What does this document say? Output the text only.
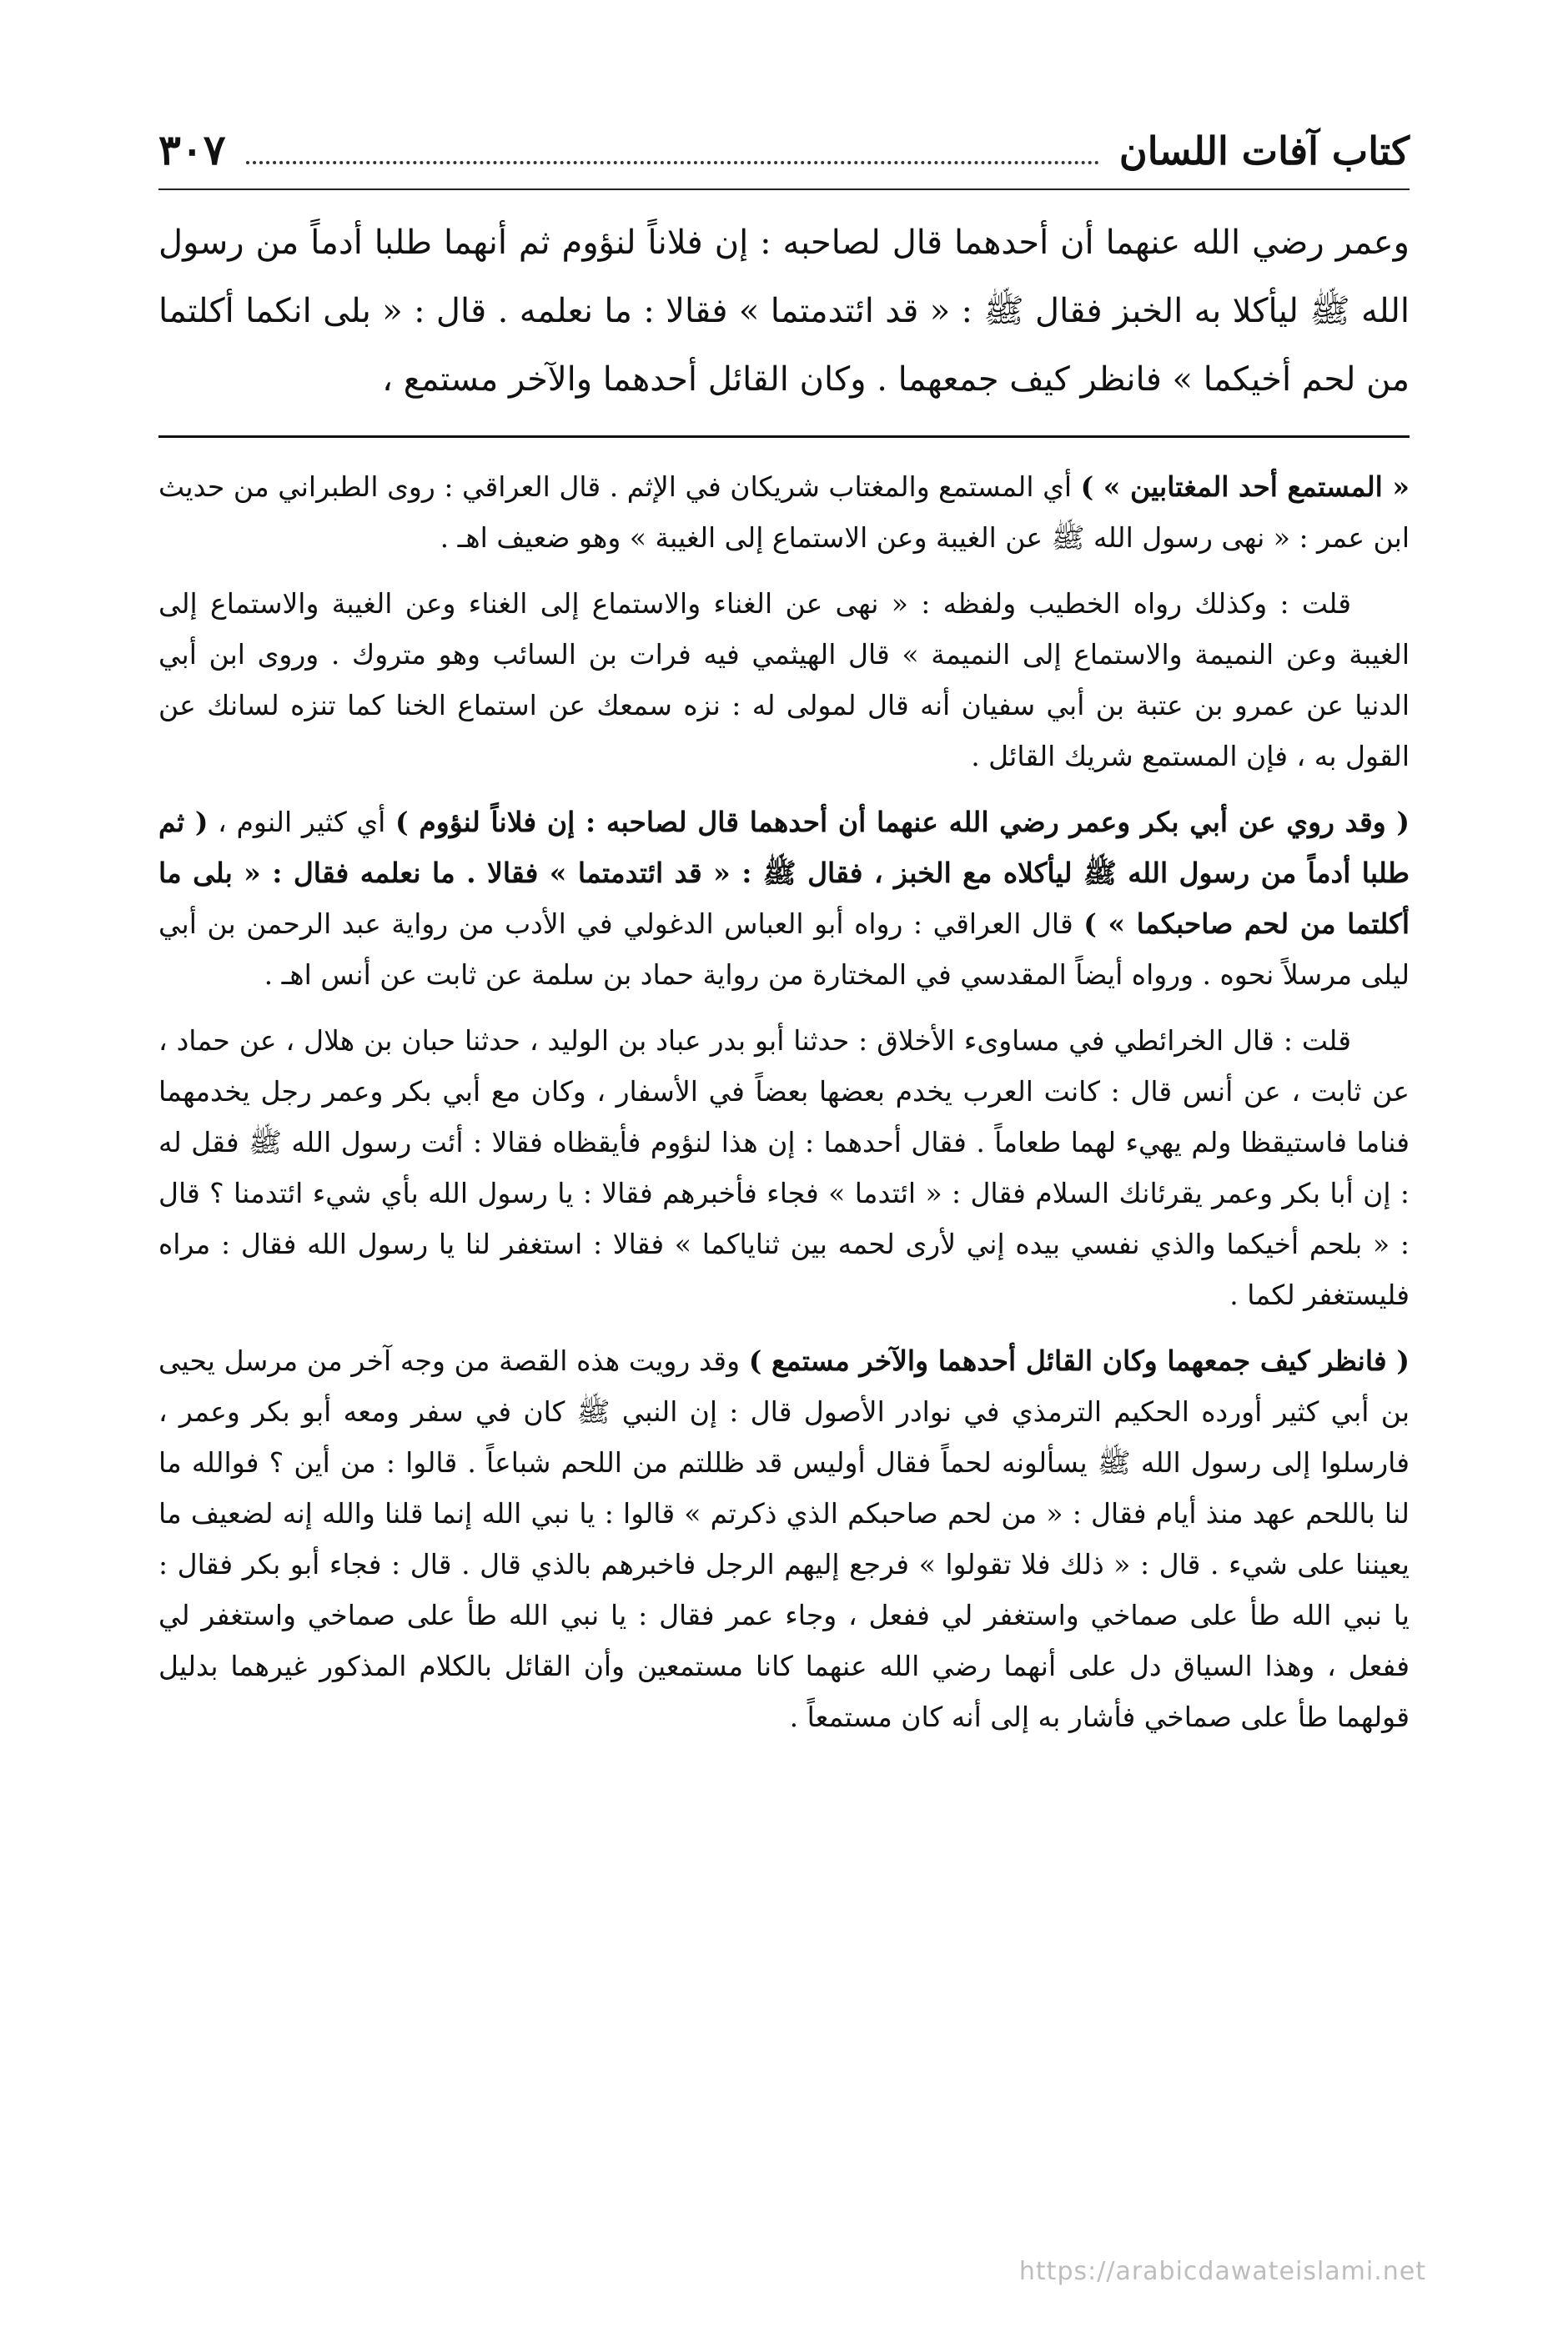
كتاب آفات اللسان
٣٠٧

وعمر رضي الله عنهما أن أحدهما قال لصاحبه : إن فلاناً لنؤوم ثم أنهما طلبا أدماً من رسول الله ﷺ ليأكلا به الخبز فقال ﷺ : « قد ائتدمتما » فقالا : ما نعلمه . قال : « بلى انكما أكلتما من لحم أخيكما » فانظر كيف جمعهما . وكان القائل أحدهما والآخر مستمع ،

« المستمع أحد المغتابين » ) أي المستمع والمغتاب شريكان في الإثم . قال العراقي : روى الطبراني من حديث ابن عمر : « نهى رسول الله ﷺ عن الغيبة وعن الاستماع إلى الغيبة » وهو ضعيف اهـ .

قلت : وكذلك رواه الخطيب ولفظه : « نهى عن الغناء والاستماع إلى الغناء وعن الغيبة والاستماع إلى الغيبة وعن النميمة والاستماع إلى النميمة » قال الهيثمي فيه فرات بن السائب وهو متروك . وروى ابن أبي الدنيا عن عمرو بن عتبة بن أبي سفيان أنه قال لمولى له : نزه سمعك عن استماع الخنا كما تنزه لسانك عن القول به ، فإن المستمع شريك القائل .

( وقد روي عن أبي بكر وعمر رضي الله عنهما أن أحدهما قال لصاحبه : إن فلاناً لنؤوم ) أي كثير النوم ، ( ثم طلبا أدماً من رسول الله ﷺ ليأكلاه مع الخبز ، فقال ﷺ : « قد ائتدمتما » فقالا . ما نعلمه فقال : « بلى ما أكلتما من لحم صاحبكما » ) قال العراقي : رواه أبو العباس الدغولي في الأدب من رواية عبد الرحمن بن أبي ليلى مرسلاً نحوه . ورواه أيضاً المقدسي في المختارة من رواية حماد بن سلمة عن ثابت عن أنس اهـ .

قلت : قال الخرائطي في مساوىء الأخلاق : حدثنا أبو بدر عباد بن الوليد ، حدثنا حبان بن هلال ، عن حماد ، عن ثابت ، عن أنس قال : كانت العرب يخدم بعضها بعضاً في الأسفار ، وكان مع أبي بكر وعمر رجل يخدمهما فناما فاستيقظا ولم يهيء لهما طعاماً . فقال أحدهما : إن هذا لنؤوم فأيقظاه فقالا : أئت رسول الله ﷺ فقل له : إن أبا بكر وعمر يقرئانك السلام فقال : « ائتدما » فجاء فأخبرهم فقالا : يا رسول الله بأي شيء ائتدمنا ؟ قال : « بلحم أخيكما والذي نفسي بيده إني لأرى لحمه بين ثناياكما » فقالا : استغفر لنا يا رسول الله فقال : مراه فليستغفر لكما .

( فانظر كيف جمعهما وكان القائل أحدهما والآخر مستمع ) وقد رويت هذه القصة من وجه آخر من مرسل يحيى بن أبي كثير أورده الحكيم الترمذي في نوادر الأصول قال : إن النبي ﷺ كان في سفر ومعه أبو بكر وعمر ، فارسلوا إلى رسول الله ﷺ يسألونه لحماً فقال أوليس قد ظللتم من اللحم شباعاً . قالوا : من أين ؟ فوالله ما لنا باللحم عهد منذ أيام فقال : « من لحم صاحبكم الذي ذكرتم » قالوا : يا نبي الله إنما قلنا والله إنه لضعيف ما يعيننا على شيء . قال : « ذلك فلا تقولوا » فرجع إليهم الرجل فاخبرهم بالذي قال . قال : فجاء أبو بكر فقال : يا نبي الله طأ على صماخي واستغفر لي ففعل ، وجاء عمر فقال : يا نبي الله طأ على صماخي واستغفر لي ففعل ، وهذا السياق دل على أنهما رضي الله عنهما كانا مستمعين وأن القائل بالكلام المذكور غيرهما بدليل قولهما طأ على صماخي فأشار به إلى أنه كان مستمعاً .

https://arabicdawateislami.net
